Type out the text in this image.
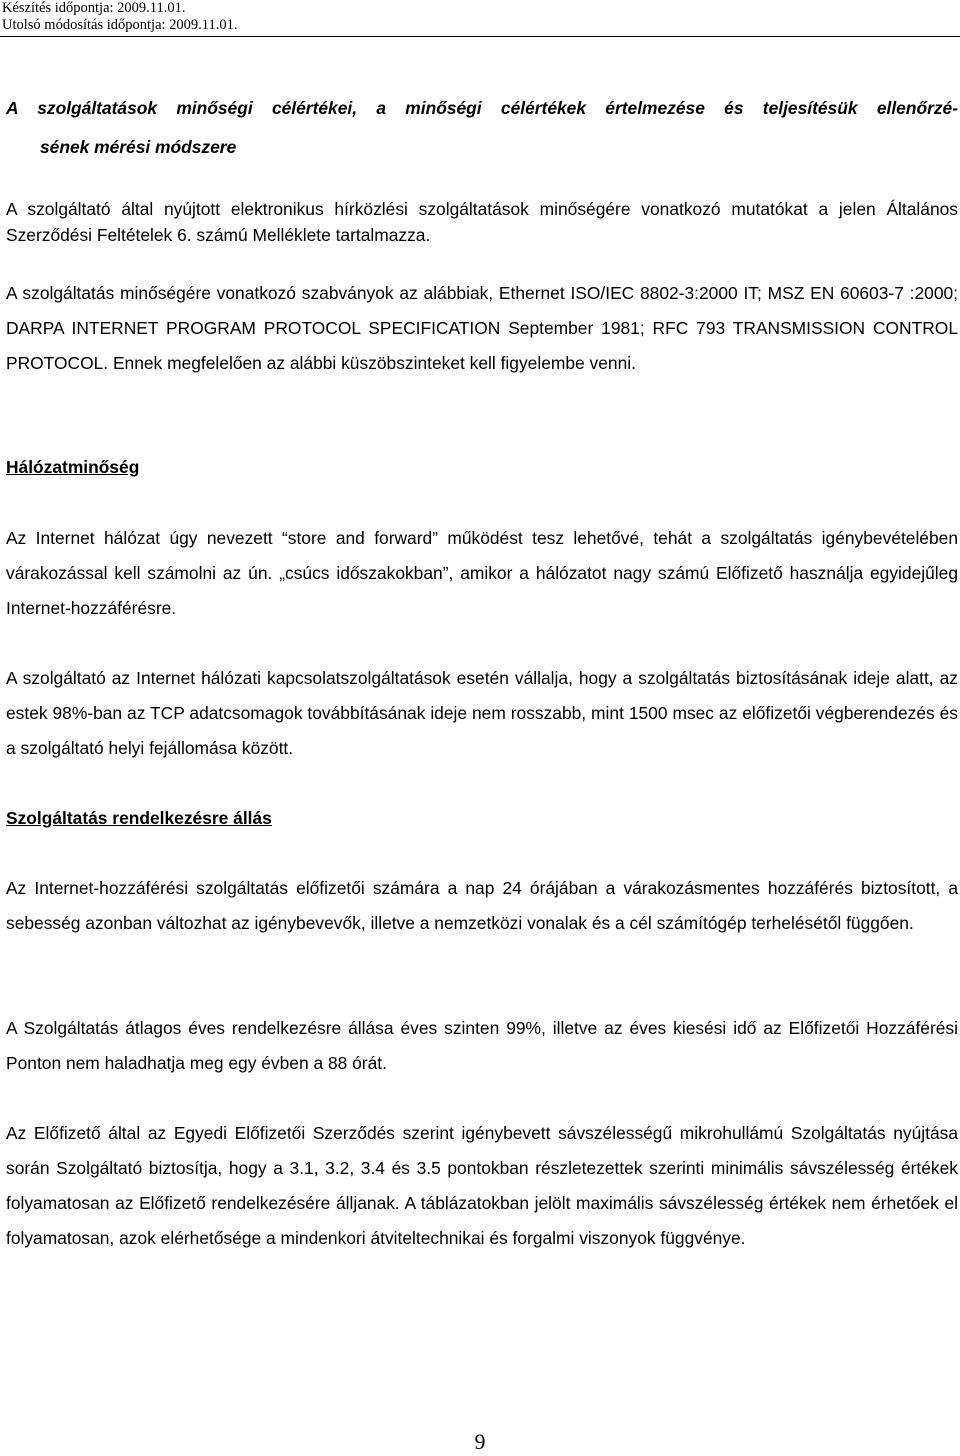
Készítés időpontja: 2009.11.01.
Utolsó módosítás időpontja: 2009.11.01.
A szolgáltatások minőségi célértékei, a minőségi célértékek értelmezése és teljesítésük ellenőrzé-
sének mérési módszere

A szolgáltató által nyújtott elektronikus hírközlési szolgáltatások minőségére vonatkozó mutatókat a jelen Általános Szerződési Feltételek 6. számú Melléklete tartalmazza.

A szolgáltatás minőségére vonatkozó szabványok az alábbiak, Ethernet ISO/IEC 8802-3:2000 IT; MSZ EN 60603-7 :2000; DARPA INTERNET PROGRAM PROTOCOL SPECIFICATION September 1981; RFC 793 TRANSMISSION CONTROL PROTOCOL. Ennek megfelelően az alábbi küszöbszinteket kell figyelembe venni.

Hálózatminőség

Az Internet hálózat úgy nevezett “store and forward” működést tesz lehetővé, tehát a szolgáltatás igénybevételében várakozással kell számolni az ún. „csúcs időszakokban”, amikor a hálózatot nagy számú Előfizető használja egyidejűleg Internet-hozzáférésre.

A szolgáltató az Internet hálózati kapcsolatszolgáltatások esetén vállalja, hogy a szolgáltatás biztosításának ideje alatt, az estek 98%-ban az TCP adatcsomagok továbbításának ideje nem rosszabb, mint 1500 msec az előfizetői végberendezés és a szolgáltató helyi fejállomása között.

Szolgáltatás rendelkezésre állás

Az Internet-hozzáférési szolgáltatás előfizetői számára a nap 24 órájában a várakozásmentes hozzáférés biztosított, a sebesség azonban változhat az igénybevevők, illetve a nemzetközi vonalak és a cél számítógép terhelésétől függően.

A Szolgáltatás átlagos éves rendelkezésre állása éves szinten 99%, illetve az éves kiesési idő az Előfizetői Hozzáférési Ponton nem haladhatja meg egy évben a 88 órát.

Az Előfizető által az Egyedi Előfizetői Szerződés szerint igénybevett sávszélességű mikrohullámú Szolgáltatás nyújtása során Szolgáltató biztosítja, hogy a 3.1, 3.2, 3.4 és 3.5 pontokban részletezettek szerinti minimális sávszélesség értékek folyamatosan az Előfizető rendelkezésére álljanak. A táblázatokban jelölt maximális sávszélesség értékek nem érhetőek el folyamatosan, azok elérhetősége a mindenkori átviteltechnikai és forgalmi viszonyok függvénye.

9
